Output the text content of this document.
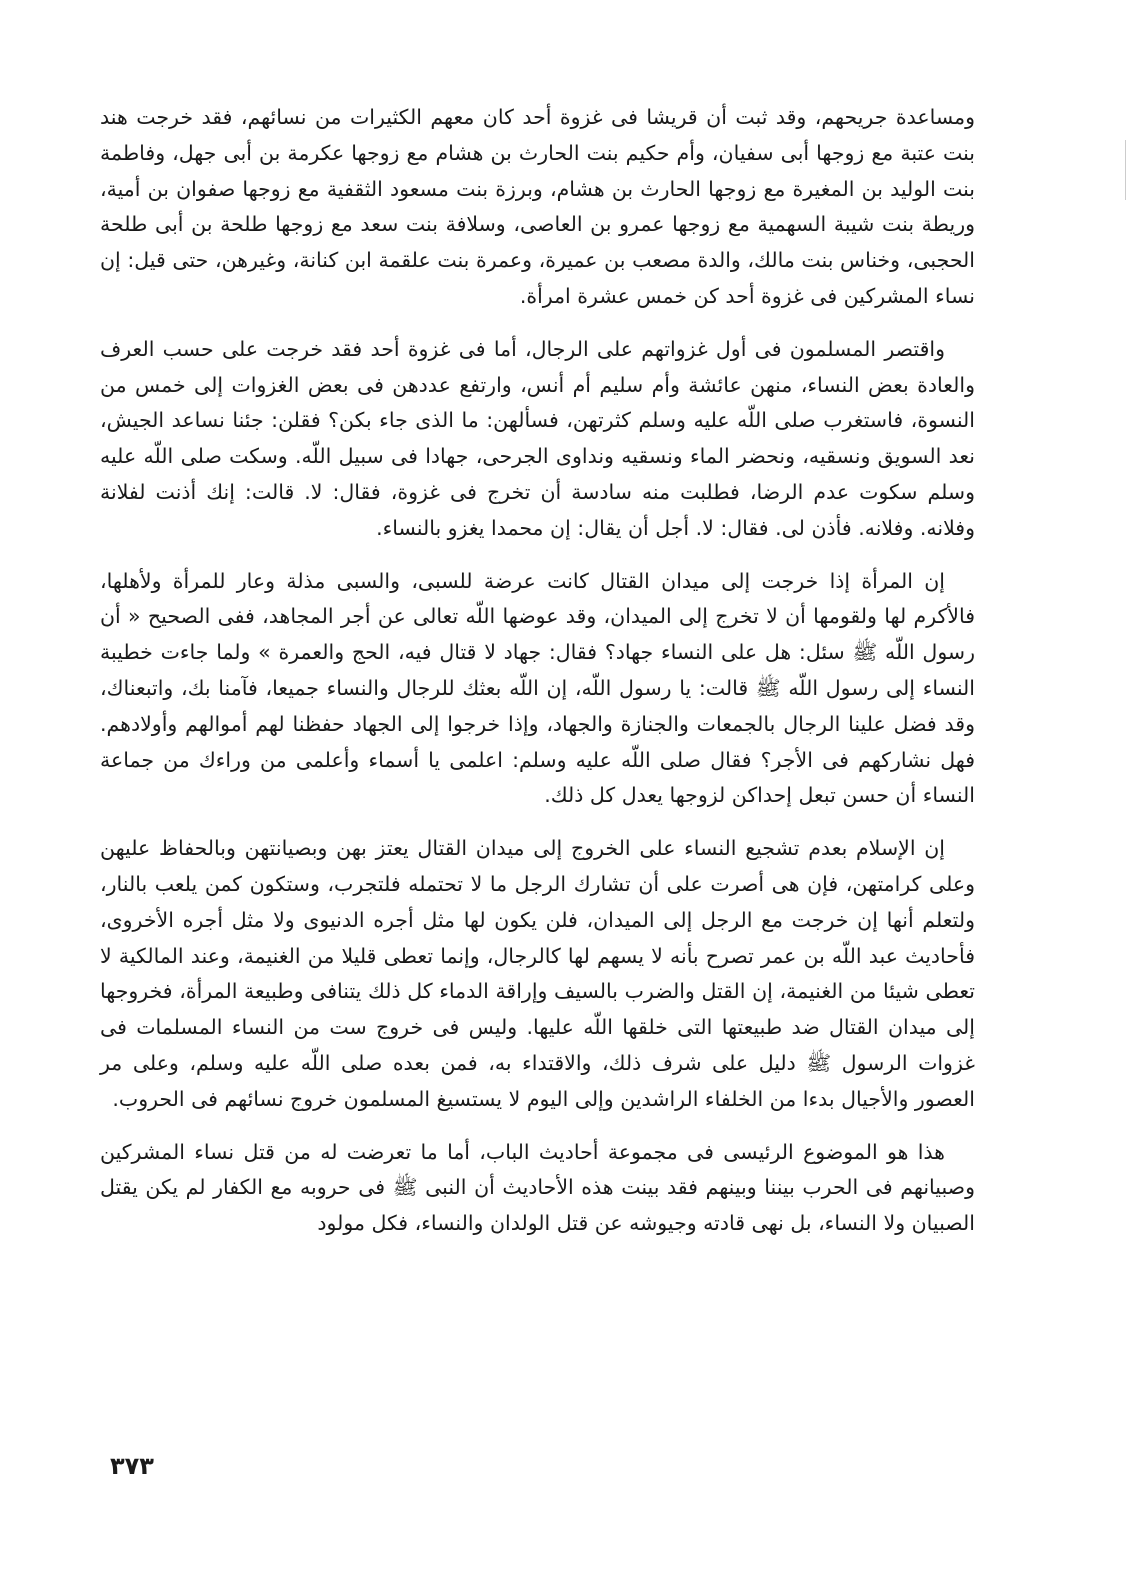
ومساعدة جريحهم، وقد ثبت أن قريشا فى غزوة أحد كان معهم الكثيرات من نسائهم، فقد خرجت هند بنت عتبة مع زوجها أبى سفيان، وأم حكيم بنت الحارث بن هشام مع زوجها عكرمة بن أبى جهل، وفاطمة بنت الوليد بن المغيرة مع زوجها الحارث بن هشام، وبرزة بنت مسعود الثقفية مع زوجها صفوان بن أمية، وريطة بنت شيبة السهمية مع زوجها عمرو بن العاصى، وسلافة بنت سعد مع زوجها طلحة بن أبى طلحة الحجبى، وخناس بنت مالك، والدة مصعب بن عميرة، وعمرة بنت علقمة ابن كنانة، وغيرهن، حتى قيل: إن نساء المشركين فى غزوة أحد كن خمس عشرة امرأة.

واقتصر المسلمون فى أول غزواتهم على الرجال، أما فى غزوة أحد فقد خرجت على حسب العرف والعادة بعض النساء، منهن عائشة وأم سليم أم أنس، وارتفع عددهن فى بعض الغزوات إلى خمس من النسوة، فاستغرب صلى اللّه عليه وسلم كثرتهن، فسألهن: ما الذى جاء بكن؟ فقلن: جئنا نساعد الجيش، نعد السويق ونسقيه، ونحضر الماء ونسقيه ونداوى الجرحى، جهادا فى سبيل اللّه. وسكت صلى اللّه عليه وسلم سكوت عدم الرضا، فطلبت منه سادسة أن تخرج فى غزوة، فقال: لا. قالت: إنك أذنت لفلانة وفلانه. وفلانه. فأذن لى. فقال: لا. أجل أن يقال: إن محمدا يغزو بالنساء.

إن المرأة إذا خرجت إلى ميدان القتال كانت عرضة للسبى، والسبى مذلة وعار للمرأة ولأهلها، فالأكرم لها ولقومها أن لا تخرج إلى الميدان، وقد عوضها اللّه تعالى عن أجر المجاهد، ففى الصحيح « أن رسول اللّه ﷺ سئل: هل على النساء جهاد؟ فقال: جهاد لا قتال فيه، الحج والعمرة » ولما جاءت خطيبة النساء إلى رسول اللّه ﷺ قالت: يا رسول اللّه، إن اللّه بعثك للرجال والنساء جميعا، فآمنا بك، واتبعناك، وقد فضل علينا الرجال بالجمعات والجنازة والجهاد، وإذا خرجوا إلى الجهاد حفظنا لهم أموالهم وأولادهم. فهل نشاركهم فى الأجر؟ فقال صلى اللّه عليه وسلم: اعلمى يا أسماء وأعلمى من وراءك من جماعة النساء أن حسن تبعل إحداكن لزوجها يعدل كل ذلك.

إن الإسلام بعدم تشجيع النساء على الخروج إلى ميدان القتال يعتز بهن وبصيانتهن وبالحفاظ عليهن وعلى كرامتهن، فإن هى أصرت على أن تشارك الرجل ما لا تحتمله فلتجرب، وستكون كمن يلعب بالنار، ولتعلم أنها إن خرجت مع الرجل إلى الميدان، فلن يكون لها مثل أجره الدنيوى ولا مثل أجره الأخروى، فأحاديث عبد اللّه بن عمر تصرح بأنه لا يسهم لها كالرجال، وإنما تعطى قليلا من الغنيمة، وعند المالكية لا تعطى شيئا من الغنيمة، إن القتل والضرب بالسيف وإراقة الدماء كل ذلك يتنافى وطبيعة المرأة، فخروجها إلى ميدان القتال ضد طبيعتها التى خلقها اللّه عليها. وليس فى خروج ست من النساء المسلمات فى غزوات الرسول ﷺ دليل على شرف ذلك، والاقتداء به، فمن بعده صلى اللّه عليه وسلم، وعلى مر العصور والأجيال بدءا من الخلفاء الراشدين وإلى اليوم لا يستسيغ المسلمون خروج نسائهم فى الحروب.

هذا هو الموضوع الرئيسى فى مجموعة أحاديث الباب، أما ما تعرضت له من قتل نساء المشركين وصبيانهم فى الحرب بيننا وبينهم فقد بينت هذه الأحاديث أن النبى ﷺ فى حروبه مع الكفار لم يكن يقتل الصبيان ولا النساء، بل نهى قادته وجيوشه عن قتل الولدان والنساء، فكل مولود

٣٧٣
